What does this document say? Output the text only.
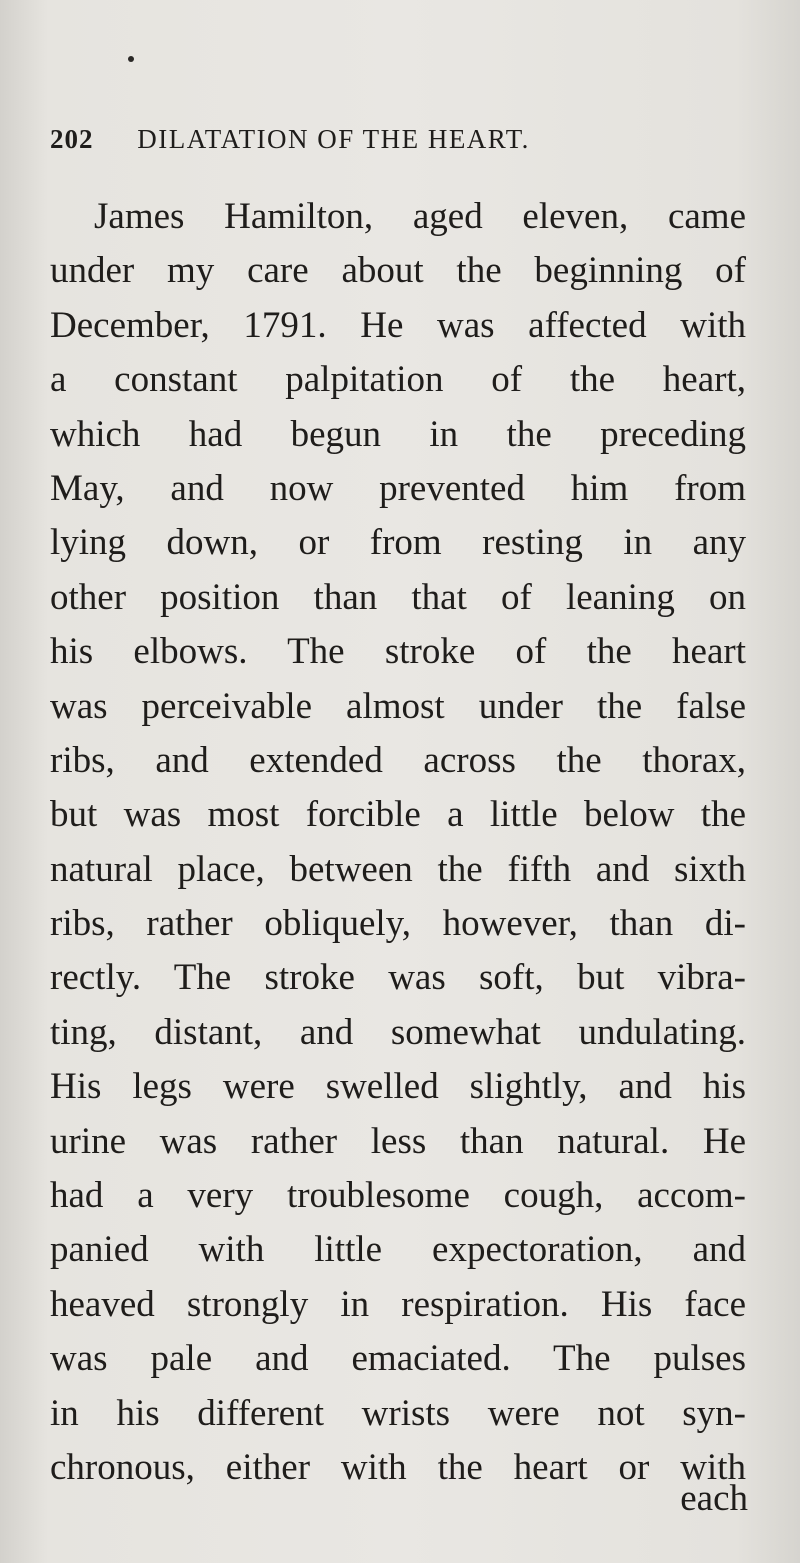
202 DILATATION OF THE HEART.
James Hamilton, aged eleven, came
under my care about the beginning of
December, 1791. He was affected with
a constant palpitation of the heart,
which had begun in the preceding
May, and now prevented him from
lying down, or from resting in any
other position than that of leaning on
his elbows. The stroke of the heart
was perceivable almost under the false
ribs, and extended across the thorax,
but was most forcible a little below the
natural place, between the fifth and sixth
ribs, rather obliquely, however, than di-
rectly. The stroke was soft, but vibra-
ting, distant, and somewhat undulating.
His legs were swelled slightly, and his
urine was rather less than natural. He
had a very troublesome cough, accom-
panied with little expectoration, and
heaved strongly in respiration. His face
was pale and emaciated. The pulses
in his different wrists were not syn-
chronous, either with the heart or with
each
